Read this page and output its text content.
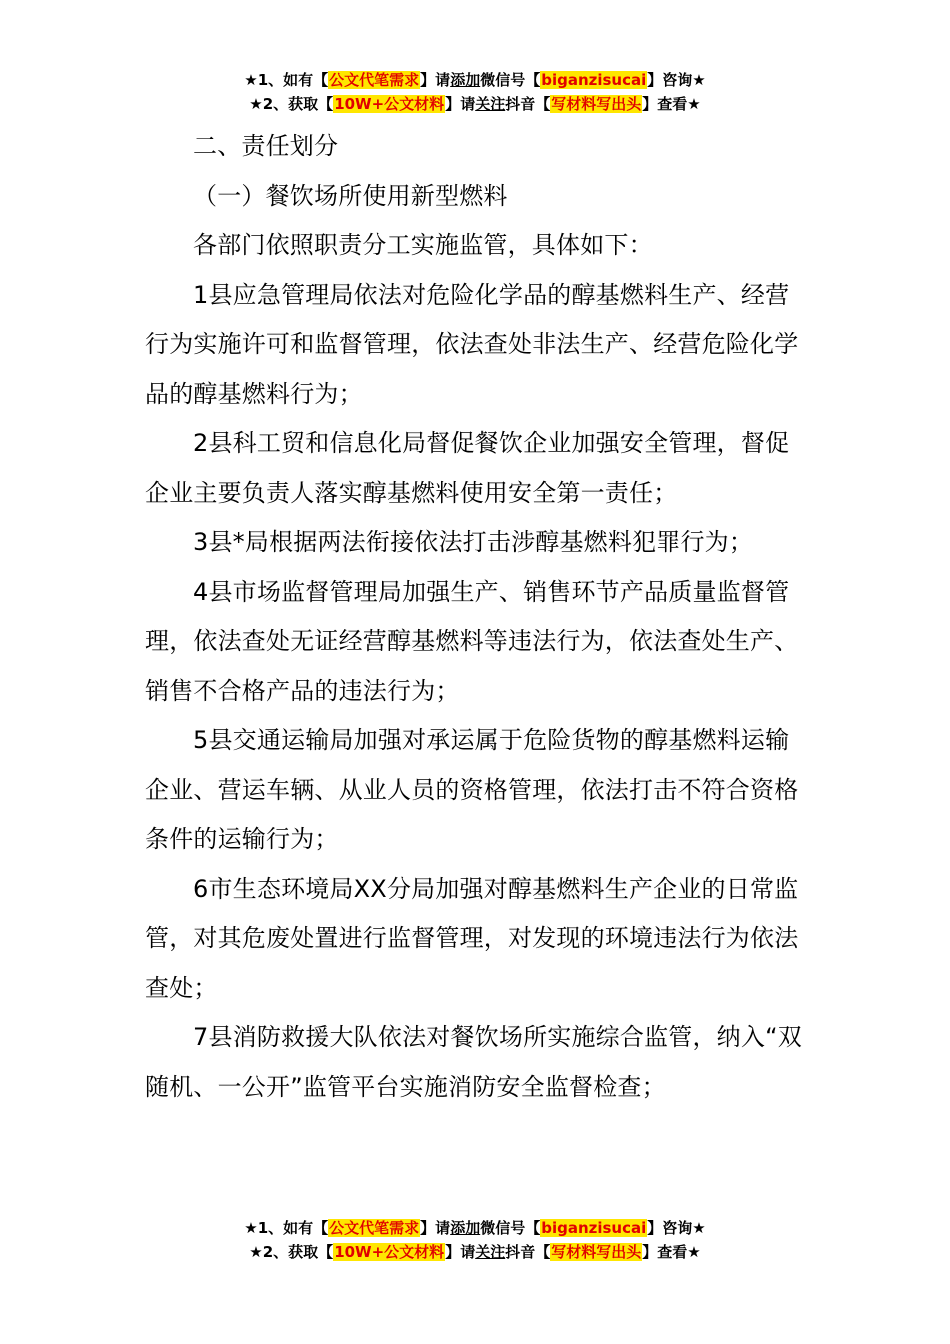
★1、如有【公文代笔需求】请添加微信号【biganzisucai】咨询★
★2、获取【10W+公文材料】请关注抖音【写材料写出头】查看★

二、责任划分

（一）餐饮场所使用新型燃料

各部门依照职责分工实施监管，具体如下：

1县应急管理局依法对危险化学品的醇基燃料生产、经营行为实施许可和监督管理，依法查处非法生产、经营危险化学品的醇基燃料行为；

2县科工贸和信息化局督促餐饮企业加强安全管理，督促企业主要负责人落实醇基燃料使用安全第一责任；

3县*局根据两法衔接依法打击涉醇基燃料犯罪行为；

4县市场监督管理局加强生产、销售环节产品质量监督管理，依法查处无证经营醇基燃料等违法行为，依法查处生产、销售不合格产品的违法行为；

5县交通运输局加强对承运属于危险货物的醇基燃料运输企业、营运车辆、从业人员的资格管理，依法打击不符合资格条件的运输行为；

6市生态环境局XX分局加强对醇基燃料生产企业的日常监管，对其危废处置进行监督管理，对发现的环境违法行为依法查处；

7县消防救援大队依法对餐饮场所实施综合监管，纳入“双随机、一公开”监管平台实施消防安全监督检查；

★1、如有【公文代笔需求】请添加微信号【biganzisucai】咨询★
★2、获取【10W+公文材料】请关注抖音【写材料写出头】查看★
